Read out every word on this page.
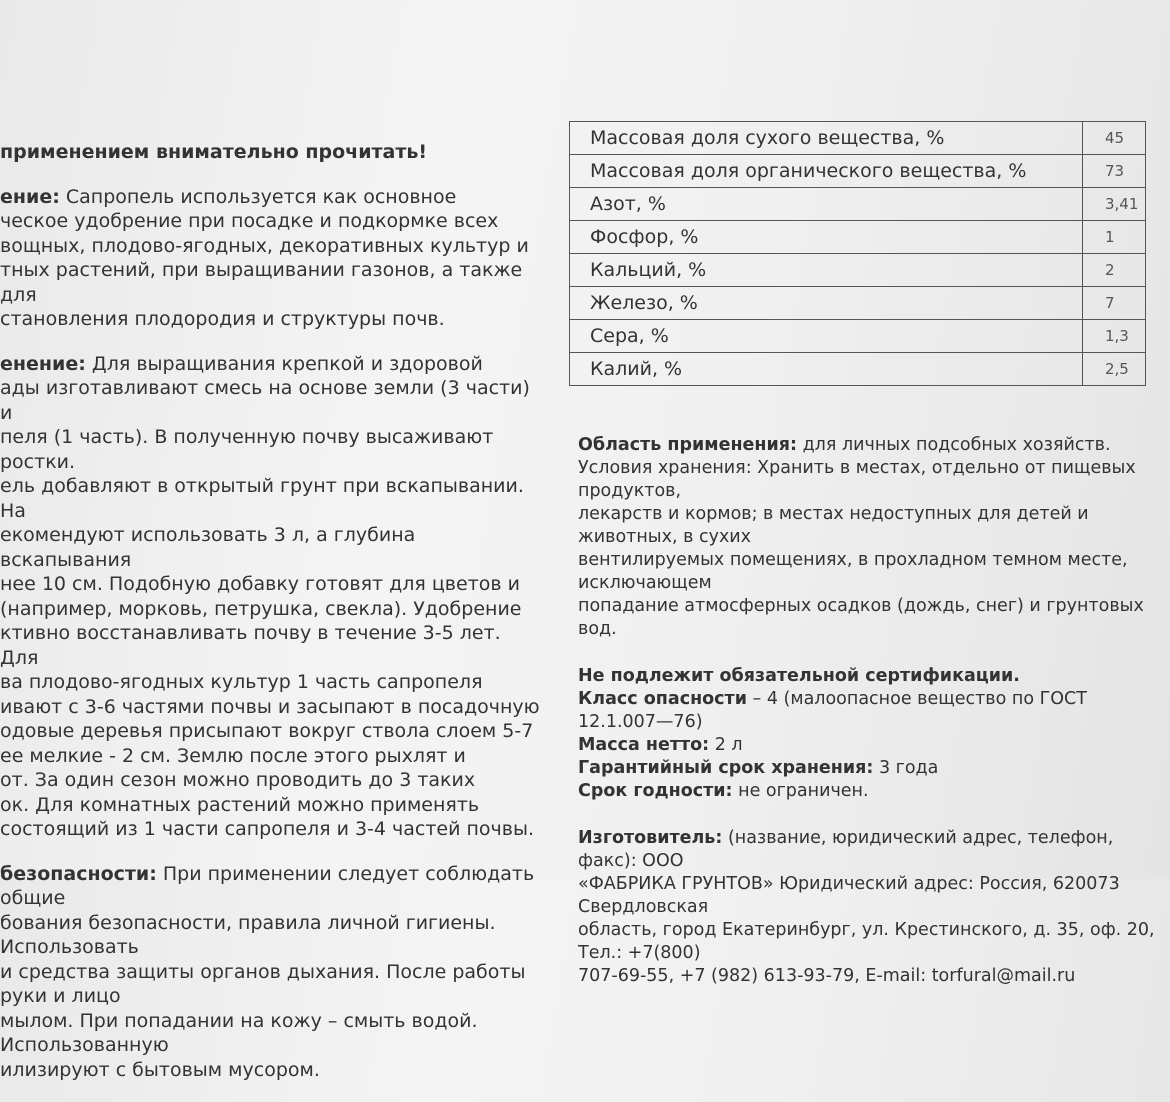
применением внимательно прочитать!

ение: Сапропель используется как основное
ческое удобрение при посадке и подкормке всех
вощных, плодово-ягодных, декоративных культур и
тных растений, при выращивании газонов, а также для
становления плодородия и структуры почв.

енение: Для выращивания крепкой и здоровой
ады изготавливают смесь на основе земли (3 части) и
пеля (1 часть). В полученную почву высаживают ростки.
ель добавляют в открытый грунт при вскапывании. На
екомендуют использовать 3 л, а глубина вскапывания
нее 10 см. Подобную добавку готовят для цветов и
(например, морковь, петрушка, свекла). Удобрение
ктивно восстанавливать почву в течение 3-5 лет. Для
ва плодово-ягодных культур 1 часть сапропеля
ивают с 3-6 частями почвы и засыпают в посадочную
одовые деревья присыпают вокруг ствола слоем 5-7
ее мелкие - 2 см. Землю после этого рыхлят и
от. За один сезон можно проводить до 3 таких
ок. Для комнатных растений можно применять
состоящий из 1 части сапропеля и 3-4 частей почвы.

безопасности: При применении следует соблюдать общие
бования безопасности, правила личной гигиены. Использовать
и средства защиты органов дыхания. После работы руки и лицо
мылом. При попадании на кожу – смыть водой. Использованную
илизируют с бытовым мусором.

Массовая доля сухого вещества, %	45
Массовая доля органического вещества, %	73
Азот, %	3,41
Фосфор, %	1
Кальций, %	2
Железо, %	7
Сера, %	1,3
Калий, %	2,5

Область применения: для личных подсобных хозяйств.
Условия хранения: Хранить в местах, отдельно от пищевых продуктов,
лекарств и кормов; в местах недоступных для детей и животных, в сухих
вентилируемых помещениях, в прохладном темном месте, исключающем
попадание атмосферных осадков (дождь, снег) и грунтовых вод.

Не подлежит обязательной сертификации.
Класс опасности – 4 (малоопасное вещество по ГОСТ 12.1.007—76)
Масса нетто: 2 л
Гарантийный срок хранения: 3 года
Срок годности: не ограничен.

Изготовитель: (название, юридический адрес, телефон, факс): ООО
«ФАБРИКА ГРУНТОВ» Юридический адрес: Россия, 620073 Свердловская
область, город Екатеринбург, ул. Крестинского, д. 35, оф. 20, Тел.: +7(800)
707-69-55, +7 (982) 613-93-79, E-mail: torfural@mail.ru
